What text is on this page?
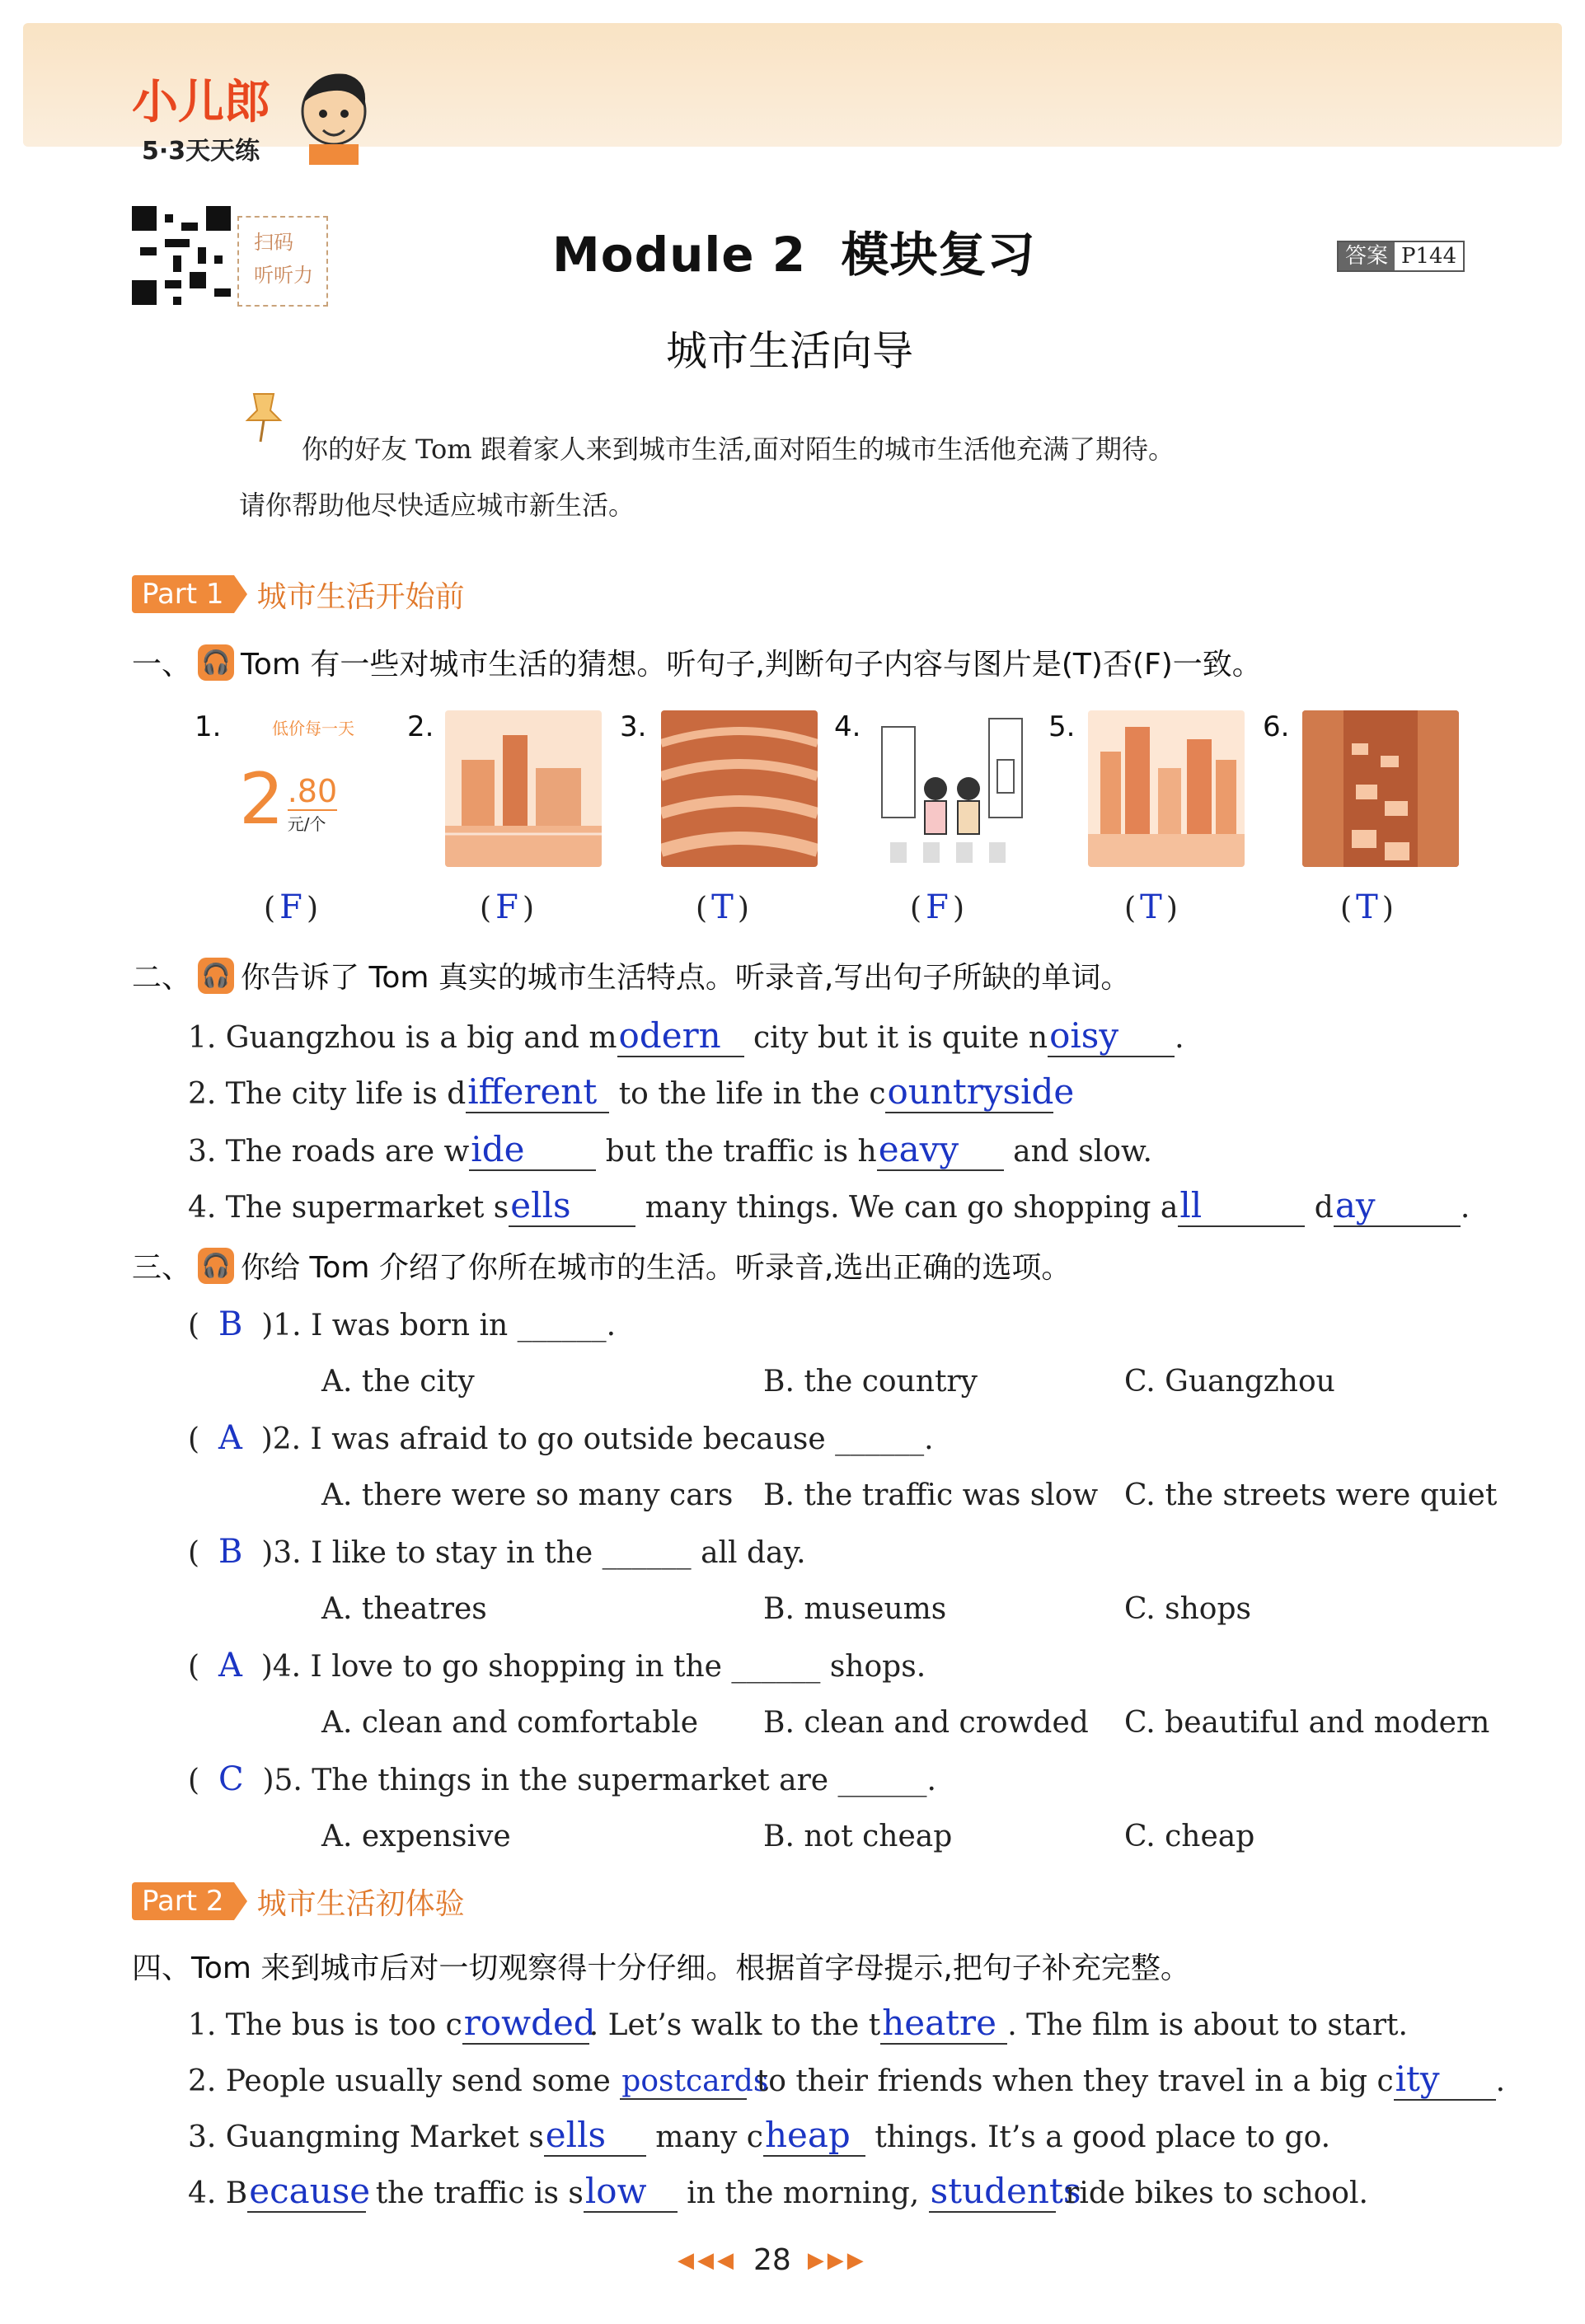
小儿郎
5·3天天练
扫码
听听力	Module 2  模块复习	答案 P144
城市生活向导
你的好友 Tom 跟着家人来到城市生活,面对陌生的城市生活他充满了期待。
请你帮助他尽快适应城市新生活。
Part 1	城市生活开始前
一、 🎧 Tom 有一些对城市生活的猜想。听句子,判断句子内容与图片是(T)否(F)一致。
1.	低价每一天
2 .80
元/个
2.	3.	4.	5.	6.
( F )	( F )	( T )	( F )	( T )	( T )
二、 🎧 你告诉了 Tom 真实的城市生活特点。听录音,写出句子所缺的单词。
1. Guangzhou is a big and modern city but it is quite noisy .
2. The city life is different to the life in the countryside
3. The roads are wide but the traffic is heavy and slow.
4. The supermarket sells many things. We can go shopping all	day	.
三、 🎧 你给 Tom 介绍了你所在城市的生活。听录音,选出正确的选项。
( B )1. I was born in ______.
A. the city	B. the country	C. Guangzhou
( A )2. I was afraid to go outside because ______.
A. there were so many cars B. the traffic was slow C. the streets were quiet
( B )3. I like to stay in the ______ all day.
A. theatres	B. museums	C. shops
( A )4. I love to go shopping in the ______ shops.
A. clean and comfortable B. clean and crowded C. beautiful and modern
( C )5. The things in the supermarket are ______.
A. expensive	B. not cheap	C. cheap
Part 2	城市生活初体验
四、 Tom 来到城市后对一切观察得十分仔细。根据首字母提示,把句子补充完整。
1. The bus is too crowded. Let’s walk to the theatre . The film is about to start.
2. People usually send some postcards to their friends when they travel in a big city .
3. Guangming Market sells many cheap things. It’s a good place to go.
4. Because the traffic is slow in the morning, students ride bikes to school.
◀◀◀ 28 ▶▶▶
